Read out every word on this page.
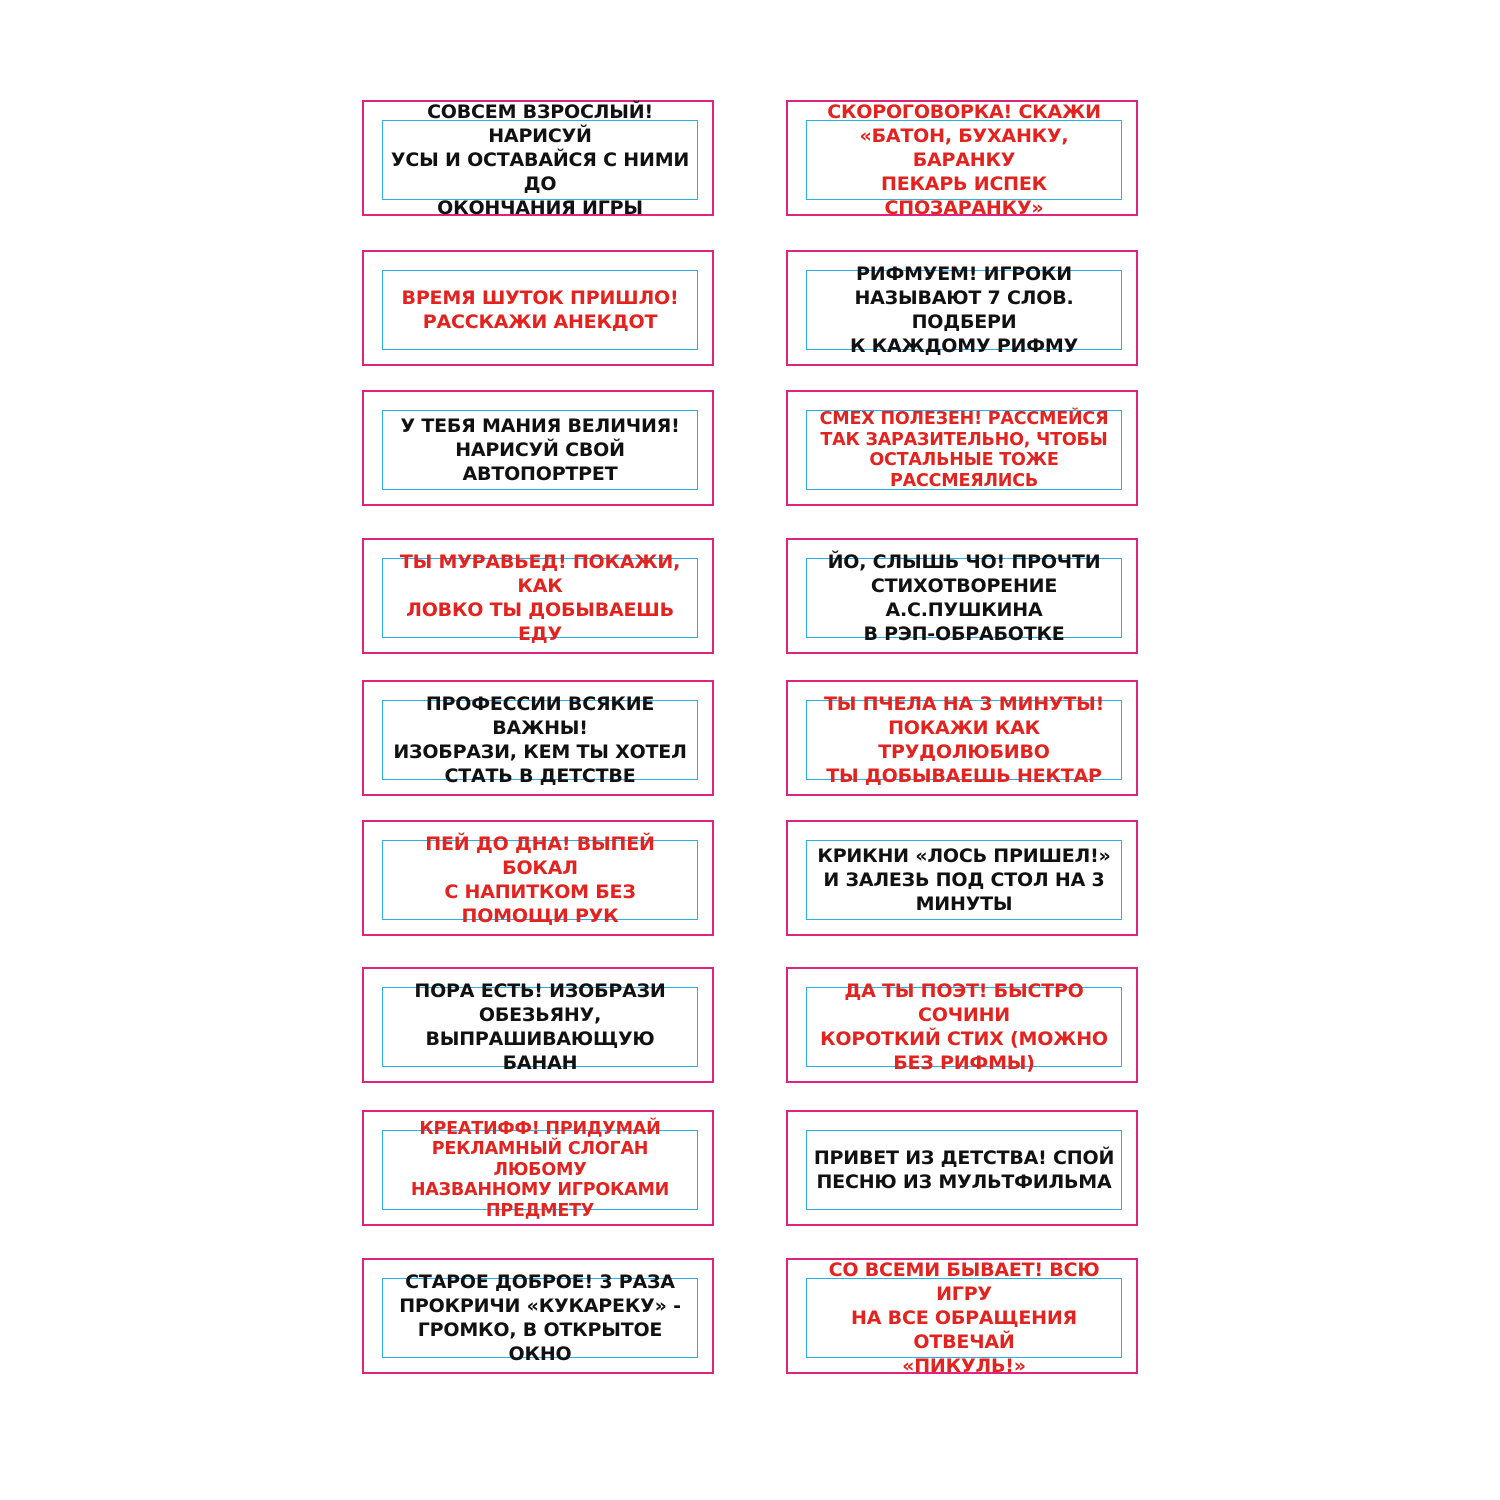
СОВСЕМ ВЗРОСЛЫЙ! НАРИСУЙ
УСЫ И ОСТАВАЙСЯ С НИМИ ДО
ОКОНЧАНИЯ ИГРЫ
ВРЕМЯ ШУТОК ПРИШЛО!
РАССКАЖИ АНЕКДОТ
У ТЕБЯ МАНИЯ ВЕЛИЧИЯ!
НАРИСУЙ СВОЙ АВТОПОРТРЕТ
ТЫ МУРАВЬЕД! ПОКАЖИ, КАК
ЛОВКО ТЫ ДОБЫВАЕШЬ ЕДУ
ПРОФЕССИИ ВСЯКИЕ ВАЖНЫ!
ИЗОБРАЗИ, КЕМ ТЫ ХОТЕЛ
СТАТЬ В ДЕТСТВЕ
ПЕЙ ДО ДНА! ВЫПЕЙ БОКАЛ
С НАПИТКОМ БЕЗ
ПОМОЩИ РУК
ПОРА ЕСТЬ! ИЗОБРАЗИ
ОБЕЗЬЯНУ, ВЫПРАШИВАЮЩУЮ
БАНАН
КРЕАТИФФ! ПРИДУМАЙ
РЕКЛАМНЫЙ СЛОГАН ЛЮБОМУ
НАЗВАННОМУ ИГРОКАМИ
ПРЕДМЕТУ
СТАРОЕ ДОБРОЕ! 3 РАЗА
ПРОКРИЧИ «КУКАРЕКУ» -
ГРОМКО, В ОТКРЫТОЕ ОКНО
СКОРОГОВОРКА! СКАЖИ
«БАТОН, БУХАНКУ, БАРАНКУ
ПЕКАРЬ ИСПЕК СПОЗАРАНКУ»
РИФМУЕМ! ИГРОКИ
НАЗЫВАЮТ 7 СЛОВ. ПОДБЕРИ
К КАЖДОМУ РИФМУ
СМЕХ ПОЛЕЗЕН! РАССМЕЙСЯ
ТАК ЗАРАЗИТЕЛЬНО, ЧТОБЫ
ОСТАЛЬНЫЕ ТОЖЕ
РАССМЕЯЛИСЬ
ЙО, СЛЫШЬ ЧО! ПРОЧТИ
СТИХОТВОРЕНИЕ А.С.ПУШКИНА
В РЭП-ОБРАБОТКЕ
ТЫ ПЧЕЛА НА 3 МИНУТЫ!
ПОКАЖИ КАК ТРУДОЛЮБИВО
ТЫ ДОБЫВАЕШЬ НЕКТАР
КРИКНИ «ЛОСЬ ПРИШЕЛ!»
И ЗАЛЕЗЬ ПОД СТОЛ НА 3
МИНУТЫ
ДА ТЫ ПОЭТ! БЫСТРО СОЧИНИ
КОРОТКИЙ СТИХ (МОЖНО
БЕЗ РИФМЫ)
ПРИВЕТ ИЗ ДЕТСТВА! СПОЙ
ПЕСНЮ ИЗ МУЛЬТФИЛЬМА
СО ВСЕМИ БЫВАЕТ! ВСЮ ИГРУ
НА ВСЕ ОБРАЩЕНИЯ ОТВЕЧАЙ
«ПИКУЛЬ!»
